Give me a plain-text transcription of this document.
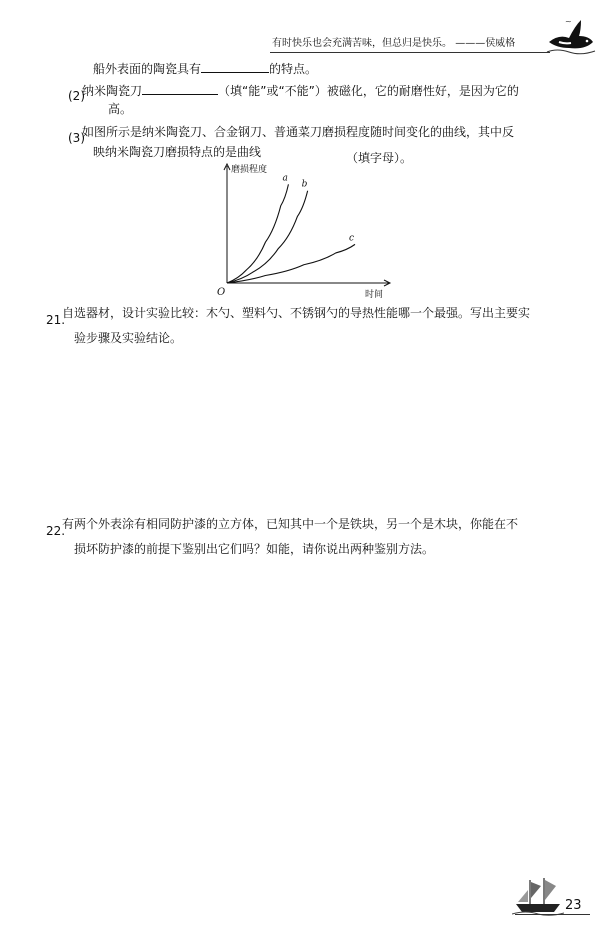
有时快乐也会充满苦味，但总归是快乐。 ———侯威格
~
船外表面的陶瓷具有	的特点。
(2)
纳米陶瓷刀	（填“能”或“不能”）被磁化，它的耐磨性好，是因为它的
高。
(3)
如图所示是纳米陶瓷刀、合金钢刀、普通菜刀磨损程度随时间变化的曲线，其中反
映纳米陶瓷刀磨损特点的是曲线	（填字母）。
a
b
c
磨损程度
时间
O
21.
自选器材，设计实验比较：木勺、塑料勺、不锈钢勺的导热性能哪一个最强。写出主要实
验步骤及实验结论。
22.
有两个外表涂有相同防护漆的立方体，已知其中一个是铁块，另一个是木块，你能在不
损坏防护漆的前提下鉴别出它们吗？如能，请你说出两种鉴别方法。
23
